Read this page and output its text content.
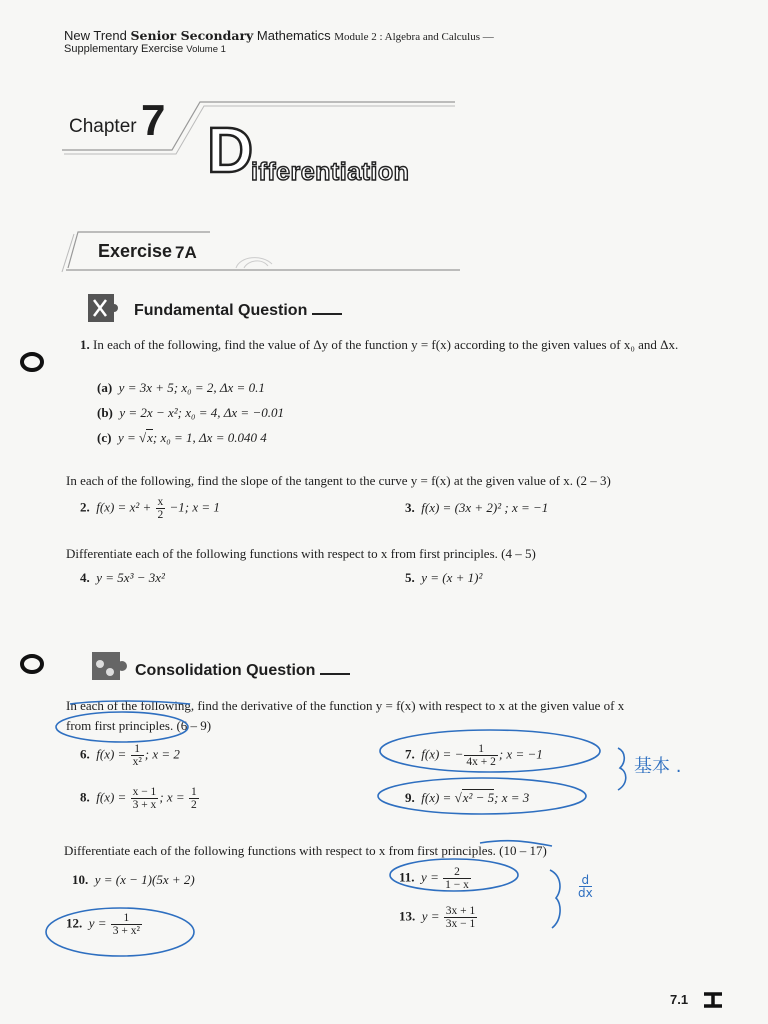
New Trend Senior Secondary Mathematics Module 2 : Algebra and Calculus —
Supplementary Exercise Volume 1
Chapter 7 D
ifferentiation
Exercise 7A
Fundamental Question
1. In each of the following, find the value of Δy of the function y = f(x) according to the given values of x₀ and Δx.
(a) y = 3x + 5; x₀ = 2, Δx = 0.1
(b) y = 2x − x²; x₀ = 4, Δx = −0.01
(c) y = √x; x₀ = 1, Δx = 0.040 4
In each of the following, find the slope of the tangent to the curve y = f(x) at the given value of x. (2 – 3)
2. $f(x) = x^2 + \frac{x}{2} -1$; x = 1	3. f(x) = (3x + 2)² ; x = −1
Differentiate each of the following functions with respect to x from first principles. (4 – 5)
4. y = 5x³ − 3x²	5. y = (x + 1)²
Consolidation Question
In each of the following, find the derivative of the function y = f(x) with respect to x at the given value of x
from first principles. (6 – 9)
6. $f(x) = \frac{1}{\text{x²}}$ ; x = 2	7. f(x) = − $\frac{1}{4x + 2}$ ; x = −1
8. $f(x) = \frac{x - 1}{3 + x}$ ; $x = \frac{1}{2}$	9. f(x) = √x² − 5; x = 3
Differentiate each of the following functions with respect to x from first principles. (10 – 17)
10. y = (x − 1)(5x + 2)	11. $y = \frac{2}{1 - x}$
12. $y = \frac{1}{\text{3 + x²}}$	13. $y = \frac{3x + 1}{3x - 1}$
基本 .
d
dx
7.1
